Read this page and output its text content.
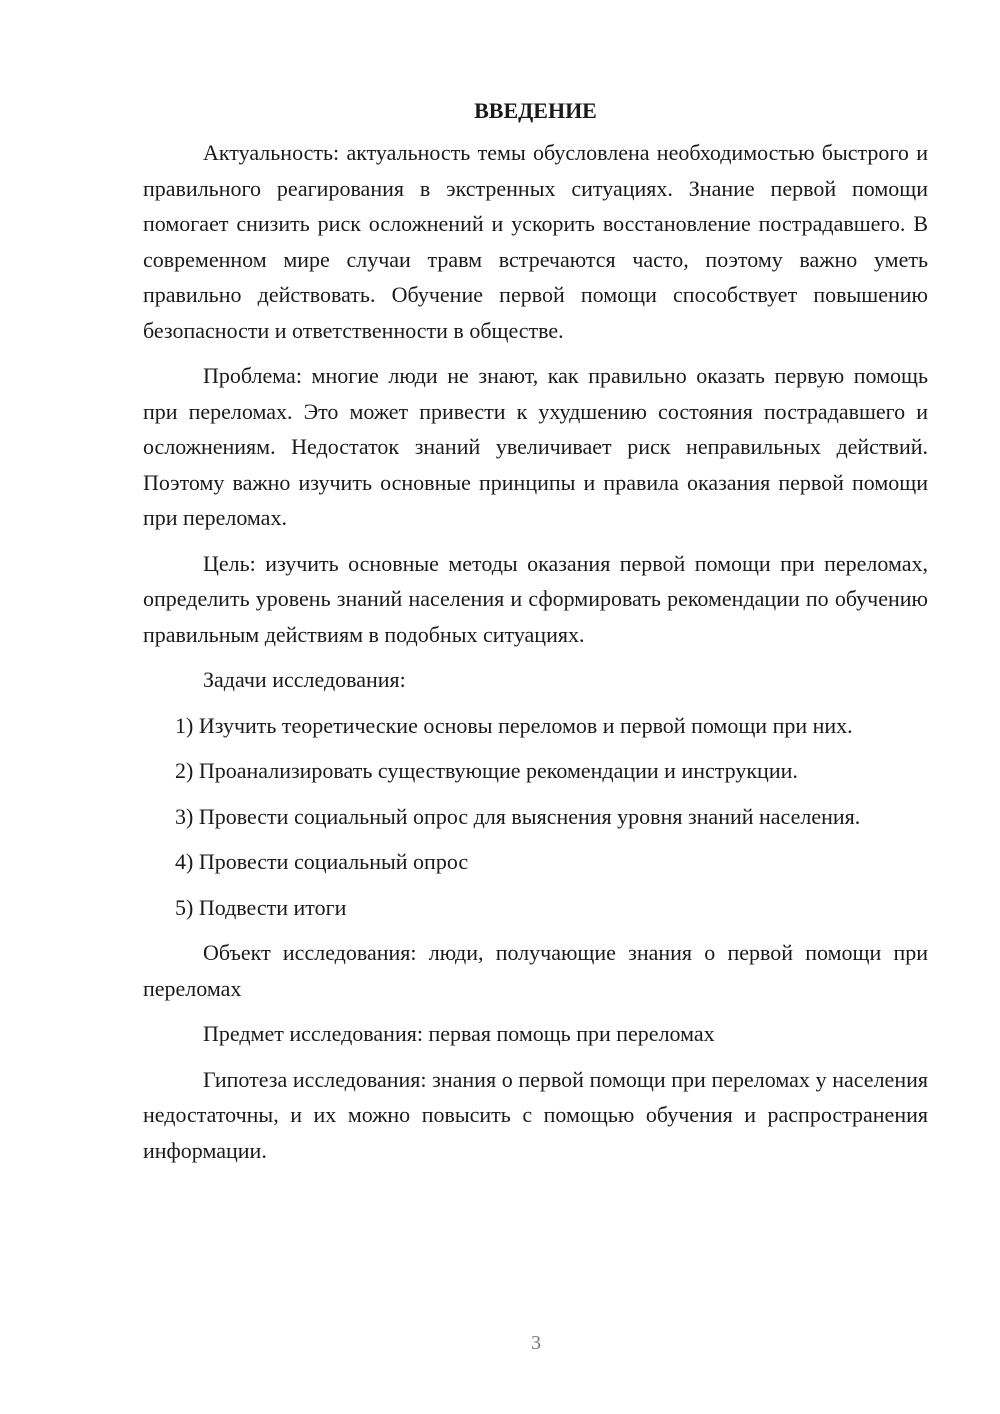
ВВЕДЕНИЕ

Актуальность: актуальность темы обусловлена необходимостью быстрого и правильного реагирования в экстренных ситуациях. Знание первой помощи помогает снизить риск осложнений и ускорить восстановление пострадавшего. В современном мире случаи травм встречаются часто, поэтому важно уметь правильно действовать. Обучение первой помощи способствует повышению безопасности и ответственности в обществе.

Проблема: многие люди не знают, как правильно оказать первую помощь при переломах. Это может привести к ухудшению состояния пострадавшего и осложнениям. Недостаток знаний увеличивает риск неправильных действий. Поэтому важно изучить основные принципы и правила оказания первой помощи при переломах.

Цель: изучить основные методы оказания первой помощи при переломах, определить уровень знаний населения и сформировать рекомендации по обучению правильным действиям в подобных ситуациях.

Задачи исследования:

1) Изучить теоретические основы переломов и первой помощи при них.

2) Проанализировать существующие рекомендации и инструкции.

3) Провести социальный опрос для выяснения уровня знаний населения.

4) Провести социальный опрос

5) Подвести итоги

Объект исследования: люди, получающие знания о первой помощи при переломах

Предмет исследования: первая помощь при переломах

Гипотеза исследования: знания о первой помощи при переломах у населения недостаточны, и их можно повысить с помощью обучения и распространения информации.

3
